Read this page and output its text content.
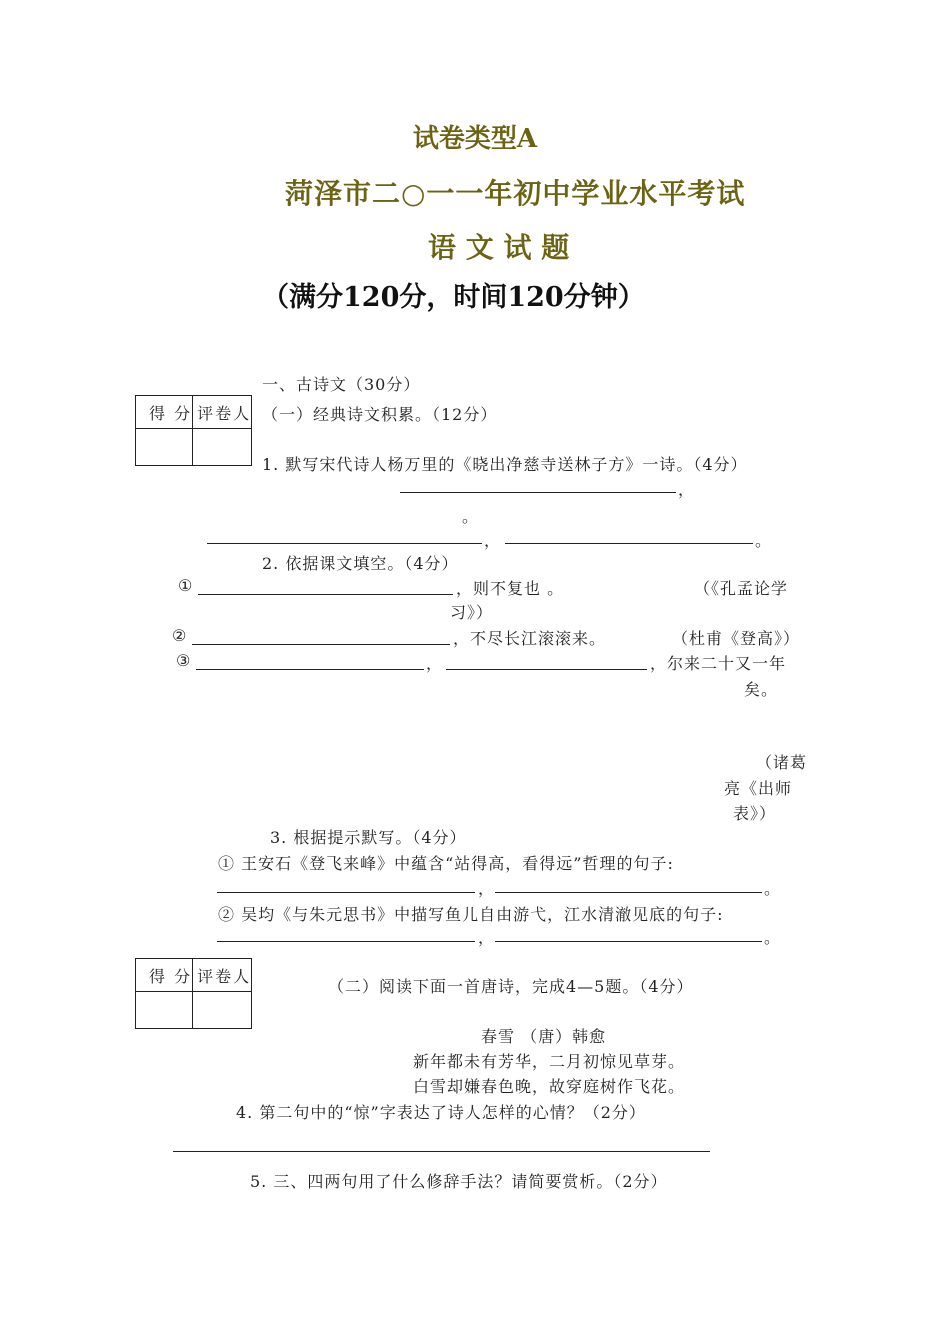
试卷类型A
菏泽市二○一一年初中学业水平考试
语 文 试 题
（满分120分，时间120分钟）
一、古诗文（30分）
得 分	评卷人
	（一）经典诗文积累。（12分）
1. 默写宋代诗人杨万里的《晓出净慈寺送林子方》一诗。（4分）
，
。
，	。
2. 依据课文填空。（4分）
①	，则不复也 。	（《孔孟论学
习》）
②	，不尽长江滚滚来。	（杜甫《登高》）
③	，	，尔来二十又一年
矣。
（诸葛
亮《出师
表》）
3. 根据提示默写。（4分）
① 王安石《登飞来峰》中蕴含“站得高，看得远”哲理的句子:
，	。
② 吴均《与朱元思书》中描写鱼儿自由游弋，江水清澈见底的句子:
，	。
得 分	评卷人

（二）阅读下面一首唐诗，完成4—5题。（4分）
春雪 （唐）韩愈
新年都未有芳华，二月初惊见草芽。
白雪却嫌春色晚，故穿庭树作飞花。
4. 第二句中的“惊”字表达了诗人怎样的心情？（2分）
5. 三、四两句用了什么修辞手法？请简要赏析。（2分）
